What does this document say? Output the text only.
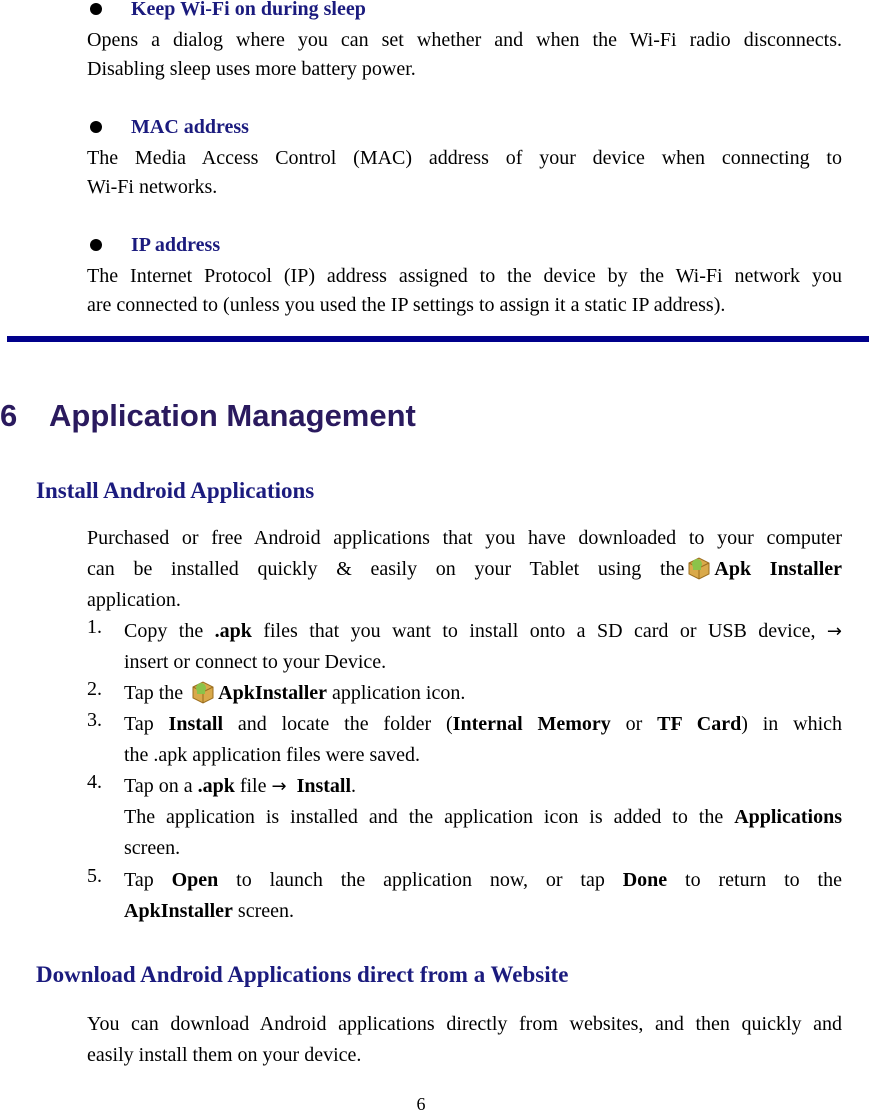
Keep Wi-Fi on during sleep
Opens a dialog where you can set whether and when the Wi-Fi radio disconnects.
Disabling sleep uses more battery power.
MAC address
The Media Access Control (MAC) address of your device when connecting to
Wi-Fi networks.
IP address
The Internet Protocol (IP) address assigned to the device by the Wi-Fi network you
are connected to (unless you used the IP settings to assign it a static IP address).
6 Application Management
Install Android Applications
Purchased or free Android applications that you have downloaded to your computer
can be installed quickly & easily on your Tablet using the Apk Installer
application.
1. Copy the .apk files that you want to install onto a SD card or USB device, →
insert or connect to your Device.
2. Tap the ApkInstaller application icon.
3. Tap Install and locate the folder (Internal Memory or TF Card) in which
the .apk application files were saved.
4. Tap on a .apk file → Install.
The application is installed and the application icon is added to the Applications
screen.
5. Tap Open to launch the application now, or tap Done to return to the
ApkInstaller screen.
Download Android Applications direct from a Website
You can download Android applications directly from websites, and then quickly and
easily install them on your device.
6
